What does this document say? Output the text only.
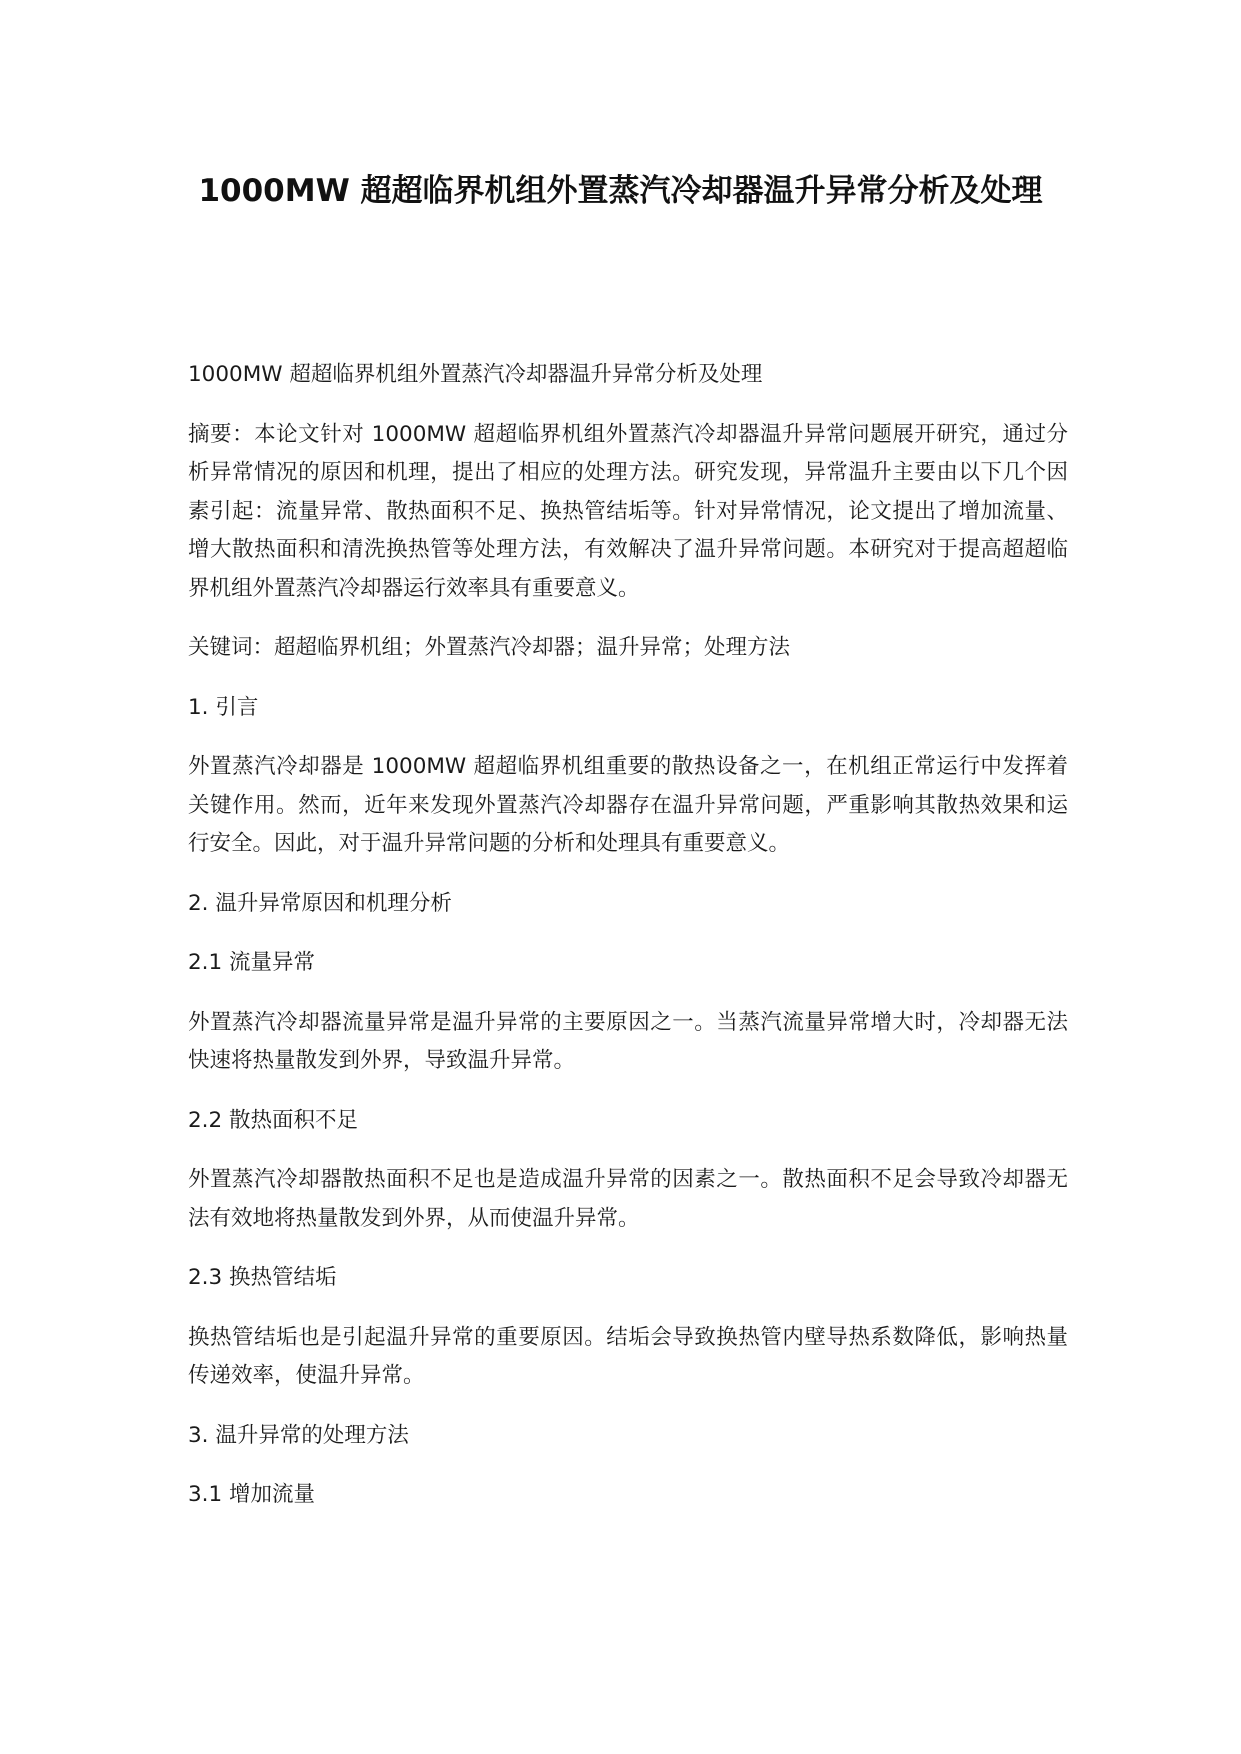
1000MW 超超临界机组外置蒸汽冷却器温升异常分析及处理

1000MW 超超临界机组外置蒸汽冷却器温升异常分析及处理

摘要：本论文针对 1000MW 超超临界机组外置蒸汽冷却器温升异常问题展开研究，通过分析异常情况的原因和机理，提出了相应的处理方法。研究发现，异常温升主要由以下几个因素引起：流量异常、散热面积不足、换热管结垢等。针对异常情况，论文提出了增加流量、增大散热面积和清洗换热管等处理方法，有效解决了温升异常问题。本研究对于提高超超临界机组外置蒸汽冷却器运行效率具有重要意义。

关键词：超超临界机组；外置蒸汽冷却器；温升异常；处理方法

1. 引言

外置蒸汽冷却器是 1000MW 超超临界机组重要的散热设备之一，在机组正常运行中发挥着关键作用。然而，近年来发现外置蒸汽冷却器存在温升异常问题，严重影响其散热效果和运行安全。因此，对于温升异常问题的分析和处理具有重要意义。

2. 温升异常原因和机理分析

2.1 流量异常

外置蒸汽冷却器流量异常是温升异常的主要原因之一。当蒸汽流量异常增大时，冷却器无法快速将热量散发到外界，导致温升异常。

2.2 散热面积不足

外置蒸汽冷却器散热面积不足也是造成温升异常的因素之一。散热面积不足会导致冷却器无法有效地将热量散发到外界，从而使温升异常。

2.3 换热管结垢

换热管结垢也是引起温升异常的重要原因。结垢会导致换热管内壁导热系数降低，影响热量传递效率，使温升异常。

3. 温升异常的处理方法

3.1 增加流量
